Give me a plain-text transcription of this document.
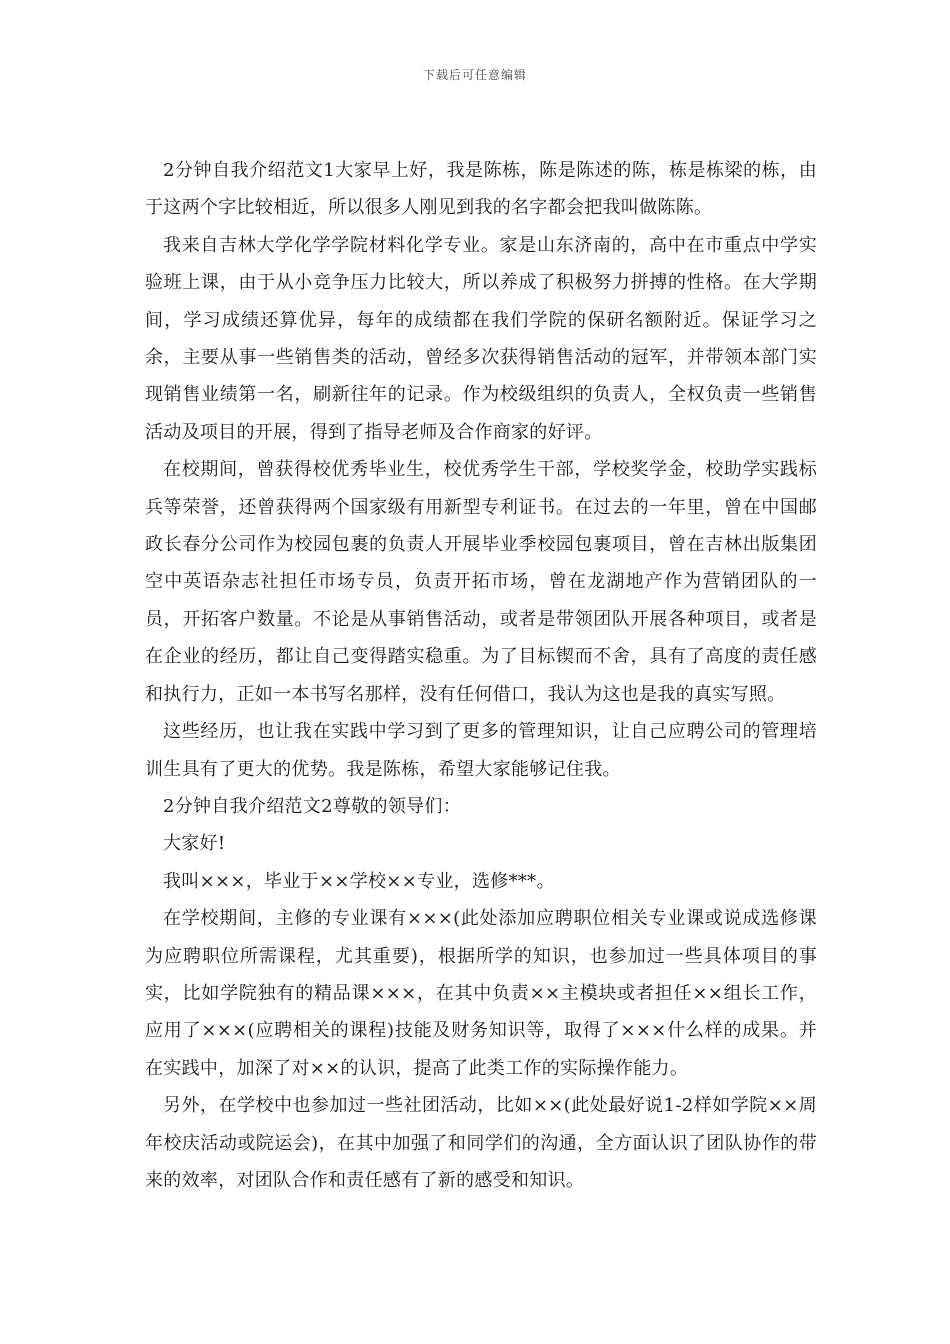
下载后可任意编辑

2分钟自我介绍范文1大家早上好，我是陈栋，陈是陈述的陈，栋是栋梁的栋，由于这两个字比较相近，所以很多人刚见到我的名字都会把我叫做陈陈。

我来自吉林大学化学学院材料化学专业。家是山东济南的，高中在市重点中学实验班上课，由于从小竞争压力比较大，所以养成了积极努力拼搏的性格。在大学期间，学习成绩还算优异，每年的成绩都在我们学院的保研名额附近。保证学习之余，主要从事一些销售类的活动，曾经多次获得销售活动的冠军，并带领本部门实现销售业绩第一名，刷新往年的记录。作为校级组织的负责人，全权负责一些销售活动及项目的开展，得到了指导老师及合作商家的好评。

在校期间，曾获得校优秀毕业生，校优秀学生干部，学校奖学金，校助学实践标兵等荣誉，还曾获得两个国家级有用新型专利证书。在过去的一年里，曾在中国邮政长春分公司作为校园包裹的负责人开展毕业季校园包裹项目，曾在吉林出版集团空中英语杂志社担任市场专员，负责开拓市场，曾在龙湖地产作为营销团队的一员，开拓客户数量。不论是从事销售活动，或者是带领团队开展各种项目，或者是在企业的经历，都让自己变得踏实稳重。为了目标锲而不舍，具有了高度的责任感和执行力，正如一本书写名那样，没有任何借口，我认为这也是我的真实写照。

这些经历，也让我在实践中学习到了更多的管理知识，让自己应聘公司的管理培训生具有了更大的优势。我是陈栋，希望大家能够记住我。

2分钟自我介绍范文2尊敬的领导们：

大家好!

我叫×××，毕业于××学校××专业，选修***。

在学校期间，主修的专业课有×××(此处添加应聘职位相关专业课或说成选修课为应聘职位所需课程，尤其重要)，根据所学的知识，也参加过一些具体项目的事实，比如学院独有的精品课×××，在其中负责××主模块或者担任××组长工作，应用了×××(应聘相关的课程)技能及财务知识等，取得了×××什么样的成果。并在实践中，加深了对××的认识，提高了此类工作的实际操作能力。

另外，在学校中也参加过一些社团活动，比如××(此处最好说1-2样如学院××周年校庆活动或院运会)，在其中加强了和同学们的沟通，全方面认识了团队协作的带来的效率，对团队合作和责任感有了新的感受和知识。
